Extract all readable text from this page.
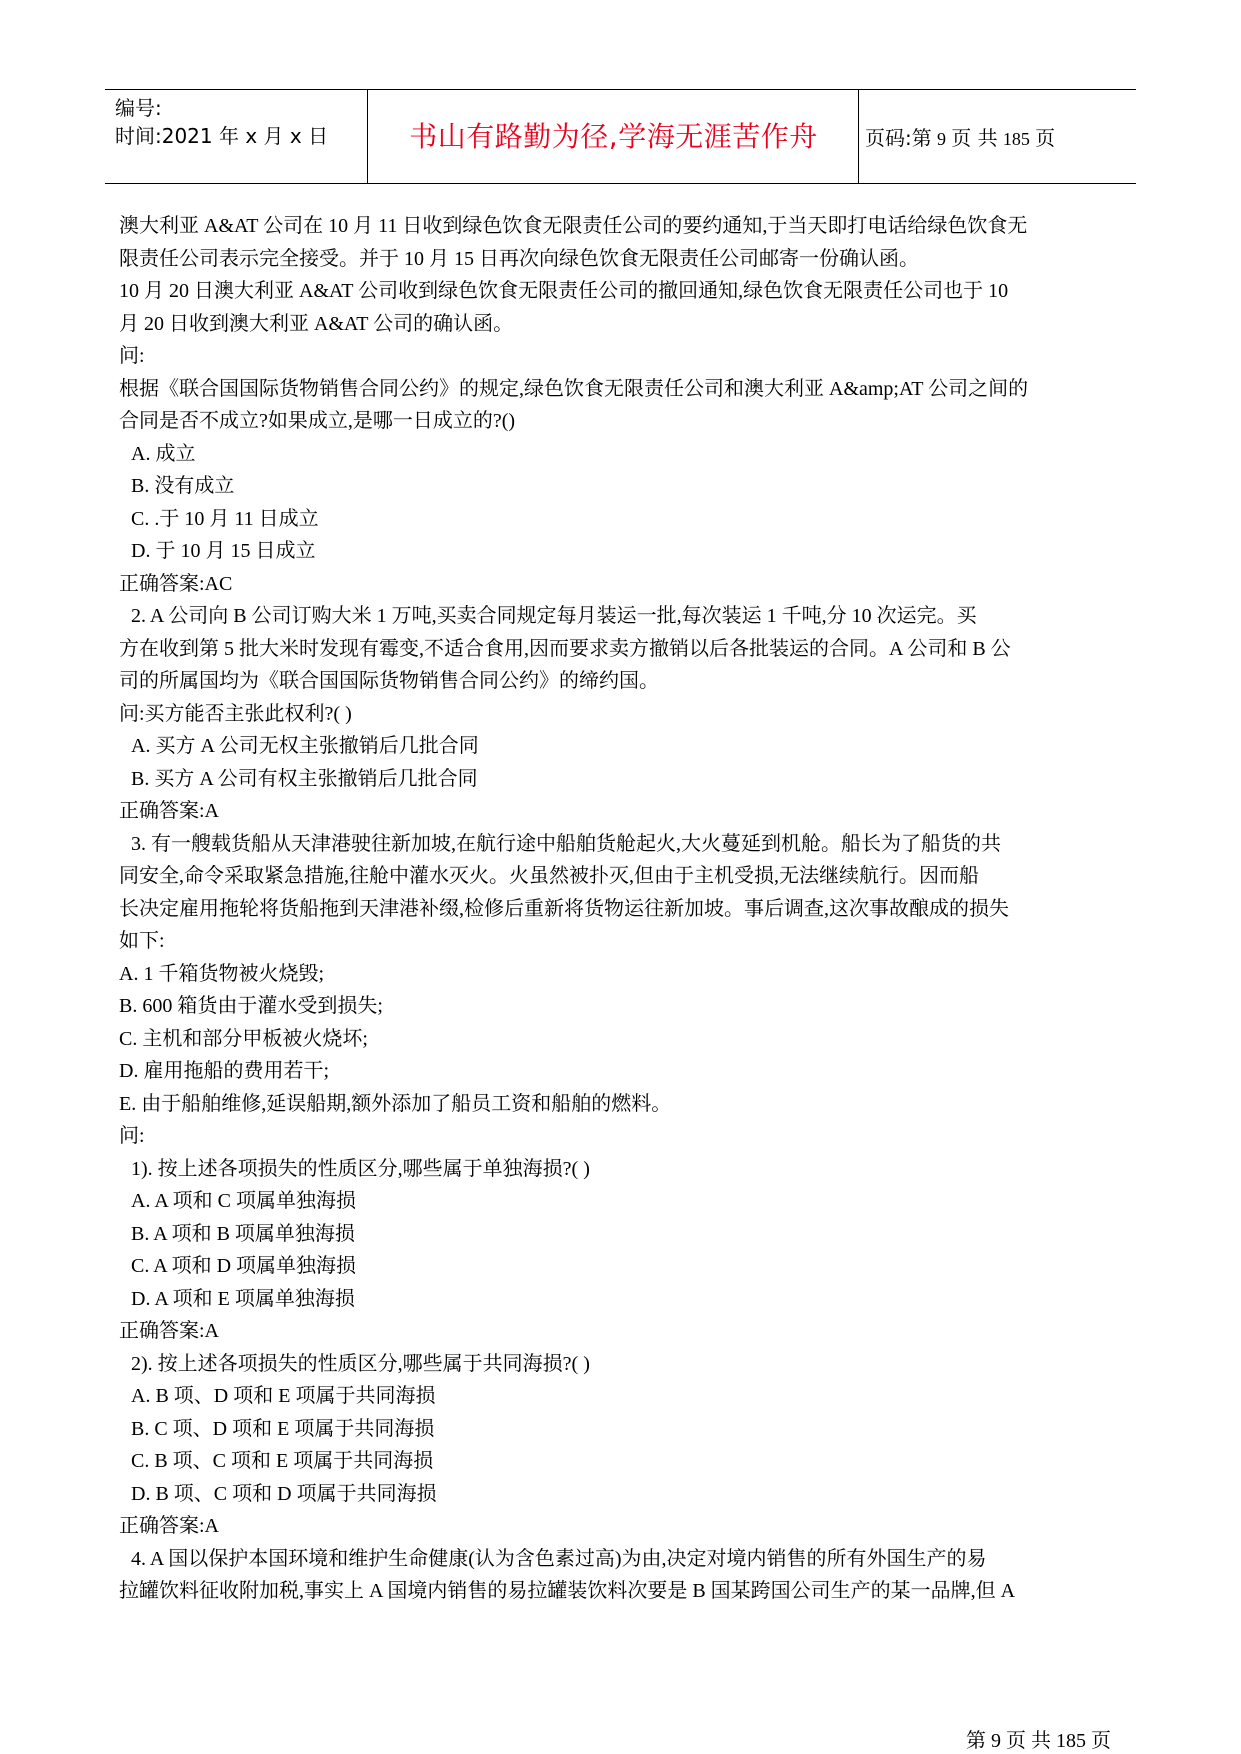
编号:
时间:2021 年 x 月 x 日	书山有路勤为径,学海无涯苦作舟	页码:第 9 页 共 185 页

澳大利亚 A&AT 公司在 10 月 11 日收到绿色饮食无限责任公司的要约通知,于当天即打电话给绿色饮食无

限责任公司表示完全接受。并于 10 月 15 日再次向绿色饮食无限责任公司邮寄一份确认函。

10 月 20 日澳大利亚 A&AT 公司收到绿色饮食无限责任公司的撤回通知,绿色饮食无限责任公司也于 10

月 20 日收到澳大利亚 A&AT 公司的确认函。

问:

根据《联合国国际货物销售合同公约》的规定,绿色饮食无限责任公司和澳大利亚 A&amp;AT 公司之间的

合同是否不成立?如果成立,是哪一日成立的?()

A. 成立

B. 没有成立

C. .于 10 月 11 日成立

D. 于 10 月 15 日成立

正确答案:AC

2. A 公司向 B 公司订购大米 1 万吨,买卖合同规定每月装运一批,每次装运 1 千吨,分 10 次运完。买

方在收到第 5 批大米时发现有霉变,不适合食用,因而要求卖方撤销以后各批装运的合同。A 公司和 B 公

司的所属国均为《联合国国际货物销售合同公约》的缔约国。

问:买方能否主张此权利?( )

A. 买方 A 公司无权主张撤销后几批合同

B. 买方 A 公司有权主张撤销后几批合同

正确答案:A

3. 有一艘载货船从天津港驶往新加坡,在航行途中船舶货舱起火,大火蔓延到机舱。船长为了船货的共

同安全,命令采取紧急措施,往舱中灌水灭火。火虽然被扑灭,但由于主机受损,无法继续航行。因而船

长决定雇用拖轮将货船拖到天津港补缀,检修后重新将货物运往新加坡。事后调查,这次事故酿成的损失

如下:

A. 1 千箱货物被火烧毁;

B. 600 箱货由于灌水受到损失;

C. 主机和部分甲板被火烧坏;

D. 雇用拖船的费用若干;

E. 由于船舶维修,延误船期,额外添加了船员工资和船舶的燃料。

问:

1). 按上述各项损失的性质区分,哪些属于单独海损?( )

A. A 项和 C 项属单独海损

B. A 项和 B 项属单独海损

C. A 项和 D 项属单独海损

D. A 项和 E 项属单独海损

正确答案:A

2). 按上述各项损失的性质区分,哪些属于共同海损?( )

A. B 项、D 项和 E 项属于共同海损

B. C 项、D 项和 E 项属于共同海损

C. B 项、C 项和 E 项属于共同海损

D. B 项、C 项和 D 项属于共同海损

正确答案:A

4. A 国以保护本国环境和维护生命健康(认为含色素过高)为由,决定对境内销售的所有外国生产的易

拉罐饮料征收附加税,事实上 A 国境内销售的易拉罐装饮料次要是 B 国某跨国公司生产的某一品牌,但 A

第 9 页 共 185 页
